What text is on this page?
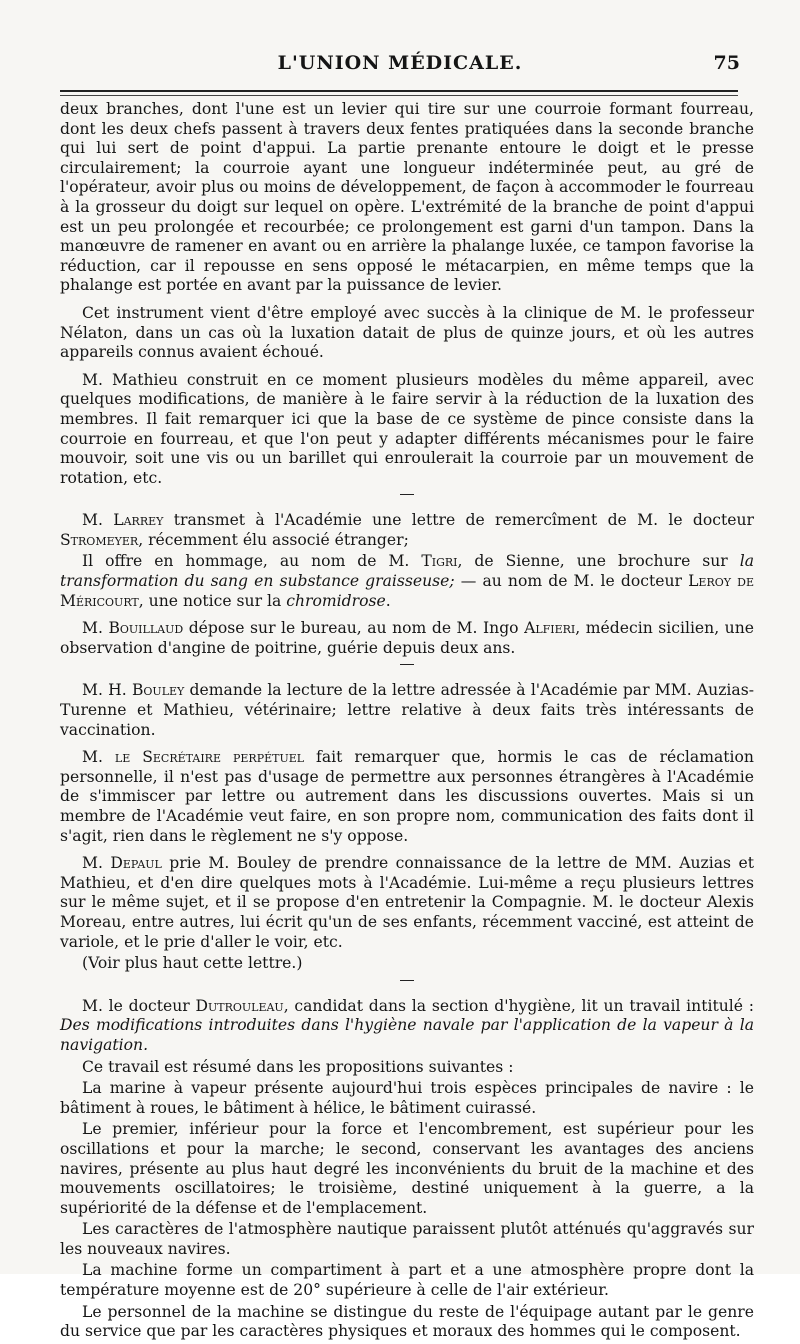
L'UNION MÉDICALE.	75

deux branches, dont l'une est un levier qui tire sur une courroie formant fourreau, dont les deux chefs passent à travers deux fentes pratiquées dans la seconde branche qui lui sert de point d'appui. La partie prenante entoure le doigt et le presse circulairement; la courroie ayant une longueur indéterminée peut, au gré de l'opérateur, avoir plus ou moins de développement, de façon à accommoder le fourreau à la grosseur du doigt sur lequel on opère. L'extrémité de la branche de point d'appui est un peu prolongée et recourbée; ce prolongement est garni d'un tampon. Dans la manœuvre de ramener en avant ou en arrière la phalange luxée, ce tampon favorise la réduction, car il repousse en sens opposé le métacarpien, en même temps que la phalange est portée en avant par la puissance de levier.

Cet instrument vient d'être employé avec succès à la clinique de M. le professeur Nélaton, dans un cas où la luxation datait de plus de quinze jours, et où les autres appareils connus avaient échoué.

M. Mathieu construit en ce moment plusieurs modèles du même appareil, avec quelques modifications, de manière à le faire servir à la réduction de la luxation des membres. Il fait remarquer ici que la base de ce système de pince consiste dans la courroie en fourreau, et que l'on peut y adapter différents mécanismes pour le faire mouvoir, soit une vis ou un barillet qui enroulerait la courroie par un mouvement de rotation, etc.

M. Larrey transmet à l'Académie une lettre de remercîment de M. le docteur Stromeyer, récemment élu associé étranger;

Il offre en hommage, au nom de M. Tigri, de Sienne, une brochure sur la transformation du sang en substance graisseuse; — au nom de M. le docteur Leroy de Méricourt, une notice sur la chromidrose.

M. Bouillaud dépose sur le bureau, au nom de M. Ingo Alfieri, médecin sicilien, une observation d'angine de poitrine, guérie depuis deux ans.

M. H. Bouley demande la lecture de la lettre adressée à l'Académie par MM. Auzias-Turenne et Mathieu, vétérinaire; lettre relative à deux faits très intéressants de vaccination.

M. le Secrétaire perpétuel fait remarquer que, hormis le cas de réclamation personnelle, il n'est pas d'usage de permettre aux personnes étrangères à l'Académie de s'immiscer par lettre ou autrement dans les discussions ouvertes. Mais si un membre de l'Académie veut faire, en son propre nom, communication des faits dont il s'agit, rien dans le règlement ne s'y oppose.

M. Depaul prie M. Bouley de prendre connaissance de la lettre de MM. Auzias et Mathieu, et d'en dire quelques mots à l'Académie. Lui-même a reçu plusieurs lettres sur le même sujet, et il se propose d'en entretenir la Compagnie. M. le docteur Alexis Moreau, entre autres, lui écrit qu'un de ses enfants, récemment vacciné, est atteint de variole, et le prie d'aller le voir, etc.

(Voir plus haut cette lettre.)

M. le docteur Dutrouleau, candidat dans la section d'hygiène, lit un travail intitulé : Des modifications introduites dans l'hygiène navale par l'application de la vapeur à la navigation.

Ce travail est résumé dans les propositions suivantes :

La marine à vapeur présente aujourd'hui trois espèces principales de navire : le bâtiment à roues, le bâtiment à hélice, le bâtiment cuirassé.

Le premier, inférieur pour la force et l'encombrement, est supérieur pour les oscillations et pour la marche; le second, conservant les avantages des anciens navires, présente au plus haut degré les inconvénients du bruit de la machine et des mouvements oscillatoires; le troisième, destiné uniquement à la guerre, a la supériorité de la défense et de l'emplacement.

Les caractères de l'atmosphère nautique paraissent plutôt atténués qu'aggravés sur les nouveaux navires.

La machine forme un compartiment à part et a une atmosphère propre dont la température moyenne est de 20° supérieure à celle de l'air extérieur.

Le personnel de la machine se distingue du reste de l'équipage autant par le genre du service que par les caractères physiques et moraux des hommes qui le composent.
